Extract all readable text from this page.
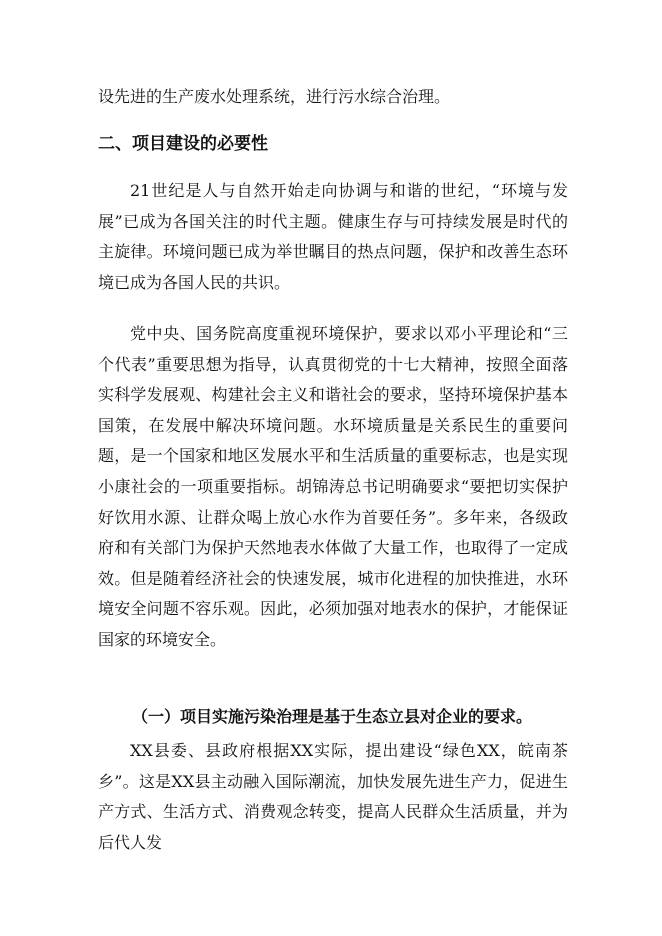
设先进的生产废水处理系统，进行污水综合治理。

二、项目建设的必要性

21世纪是人与自然开始走向协调与和谐的世纪，“环境与发展”已成为各国关注的时代主题。健康生存与可持续发展是时代的主旋律。环境问题已成为举世瞩目的热点问题，保护和改善生态环境已成为各国人民的共识。

党中央、国务院高度重视环境保护，要求以邓小平理论和“三个代表”重要思想为指导，认真贯彻党的十七大精神，按照全面落实科学发展观、构建社会主义和谐社会的要求，坚持环境保护基本国策，在发展中解决环境问题。水环境质量是关系民生的重要问题，是一个国家和地区发展水平和生活质量的重要标志，也是实现小康社会的一项重要指标。胡锦涛总书记明确要求“要把切实保护好饮用水源、让群众喝上放心水作为首要任务”。多年来，各级政府和有关部门为保护天然地表水体做了大量工作，也取得了一定成效。但是随着经济社会的快速发展，城市化进程的加快推进，水环境安全问题不容乐观。因此，必须加强对地表水的保护，才能保证国家的环境安全。

（一）项目实施污染治理是基于生态立县对企业的要求。

XX县委、县政府根据XX实际，提出建设“绿色XX，皖南茶乡”。这是XX县主动融入国际潮流，加快发展先进生产力，促进生产方式、生活方式、消费观念转变，提高人民群众生活质量，并为后代人发
